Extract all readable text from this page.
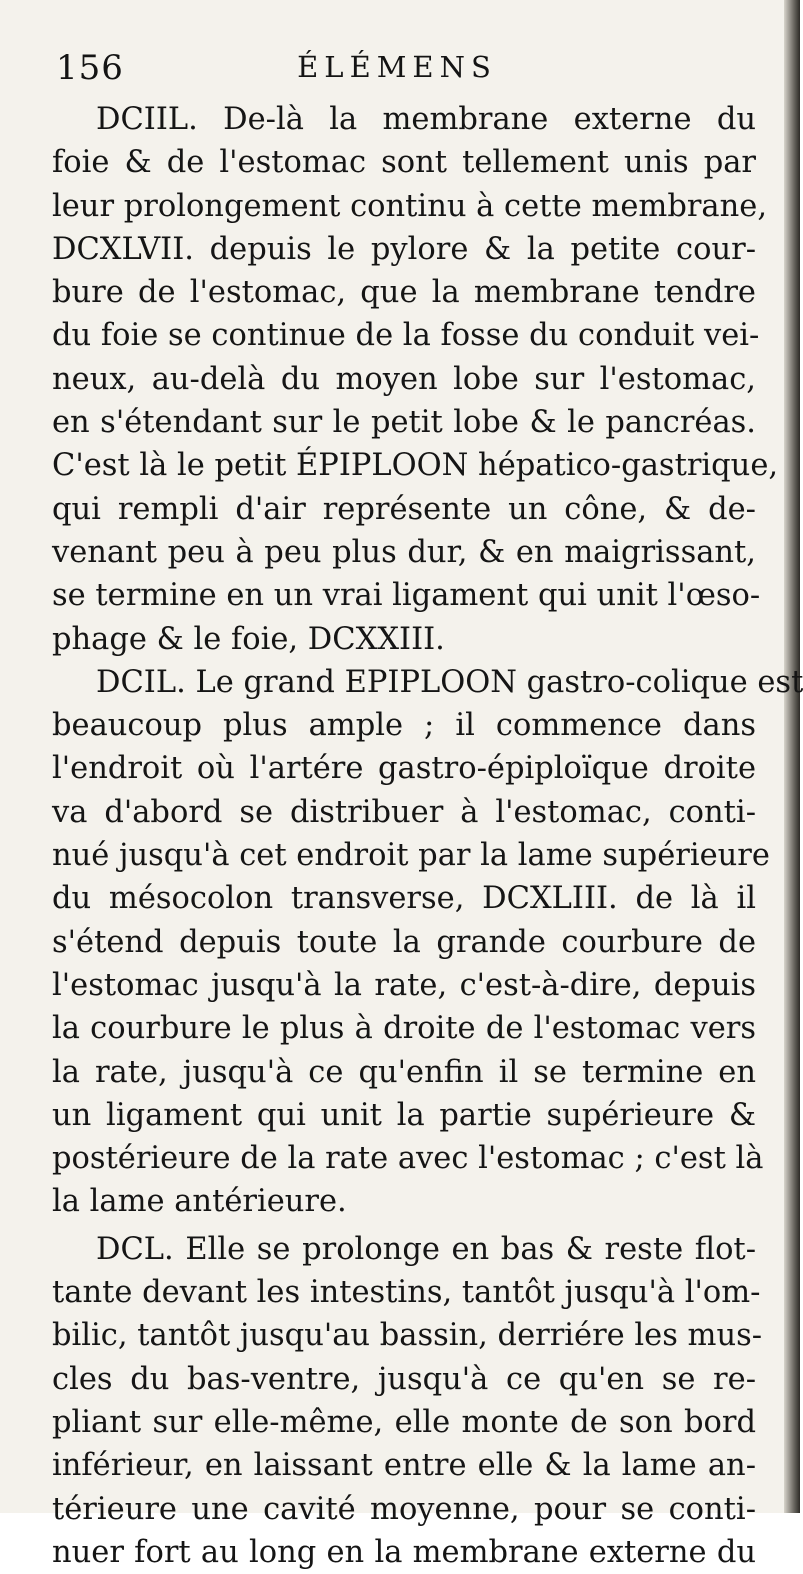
156	ÉLÉMENS
DCIIL. De-là la membrane externe du
foie & de l'estomac sont tellement unis par
leur prolongement continu à cette membrane,
DCXLVII. depuis le pylore & la petite cour-
bure de l'estomac, que la membrane tendre
du foie se continue de la fosse du conduit vei-
neux, au-delà du moyen lobe sur l'estomac,
en s'étendant sur le petit lobe & le pancréas.
C'est là le petit ÉPIPLOON hépatico-gastrique,
qui rempli d'air représente un cône, & de-
venant peu à peu plus dur, & en maigrissant,
se termine en un vrai ligament qui unit l'œso-
phage & le foie, DCXXIII.
DCIL. Le grand EPIPLOON gastro-colique est
beaucoup plus ample ; il commence dans
l'endroit où l'artére gastro-épiploïque droite
va d'abord se distribuer à l'estomac, conti-
nué jusqu'à cet endroit par la lame supérieure
du mésocolon transverse, DCXLIII. de là il
s'étend depuis toute la grande courbure de
l'estomac jusqu'à la rate, c'est-à-dire, depuis
la courbure le plus à droite de l'estomac vers
la rate, jusqu'à ce qu'enfin il se termine en
un ligament qui unit la partie supérieure &
postérieure de la rate avec l'estomac ; c'est là
la lame antérieure.
DCL. Elle se prolonge en bas & reste flot-
tante devant les intestins, tantôt jusqu'à l'om-
bilic, tantôt jusqu'au bassin, derriére les mus-
cles du bas-ventre, jusqu'à ce qu'en se re-
pliant sur elle-même, elle monte de son bord
inférieur, en laissant entre elle & la lame an-
térieure une cavité moyenne, pour se conti-
nuer fort au long en la membrane externe du
